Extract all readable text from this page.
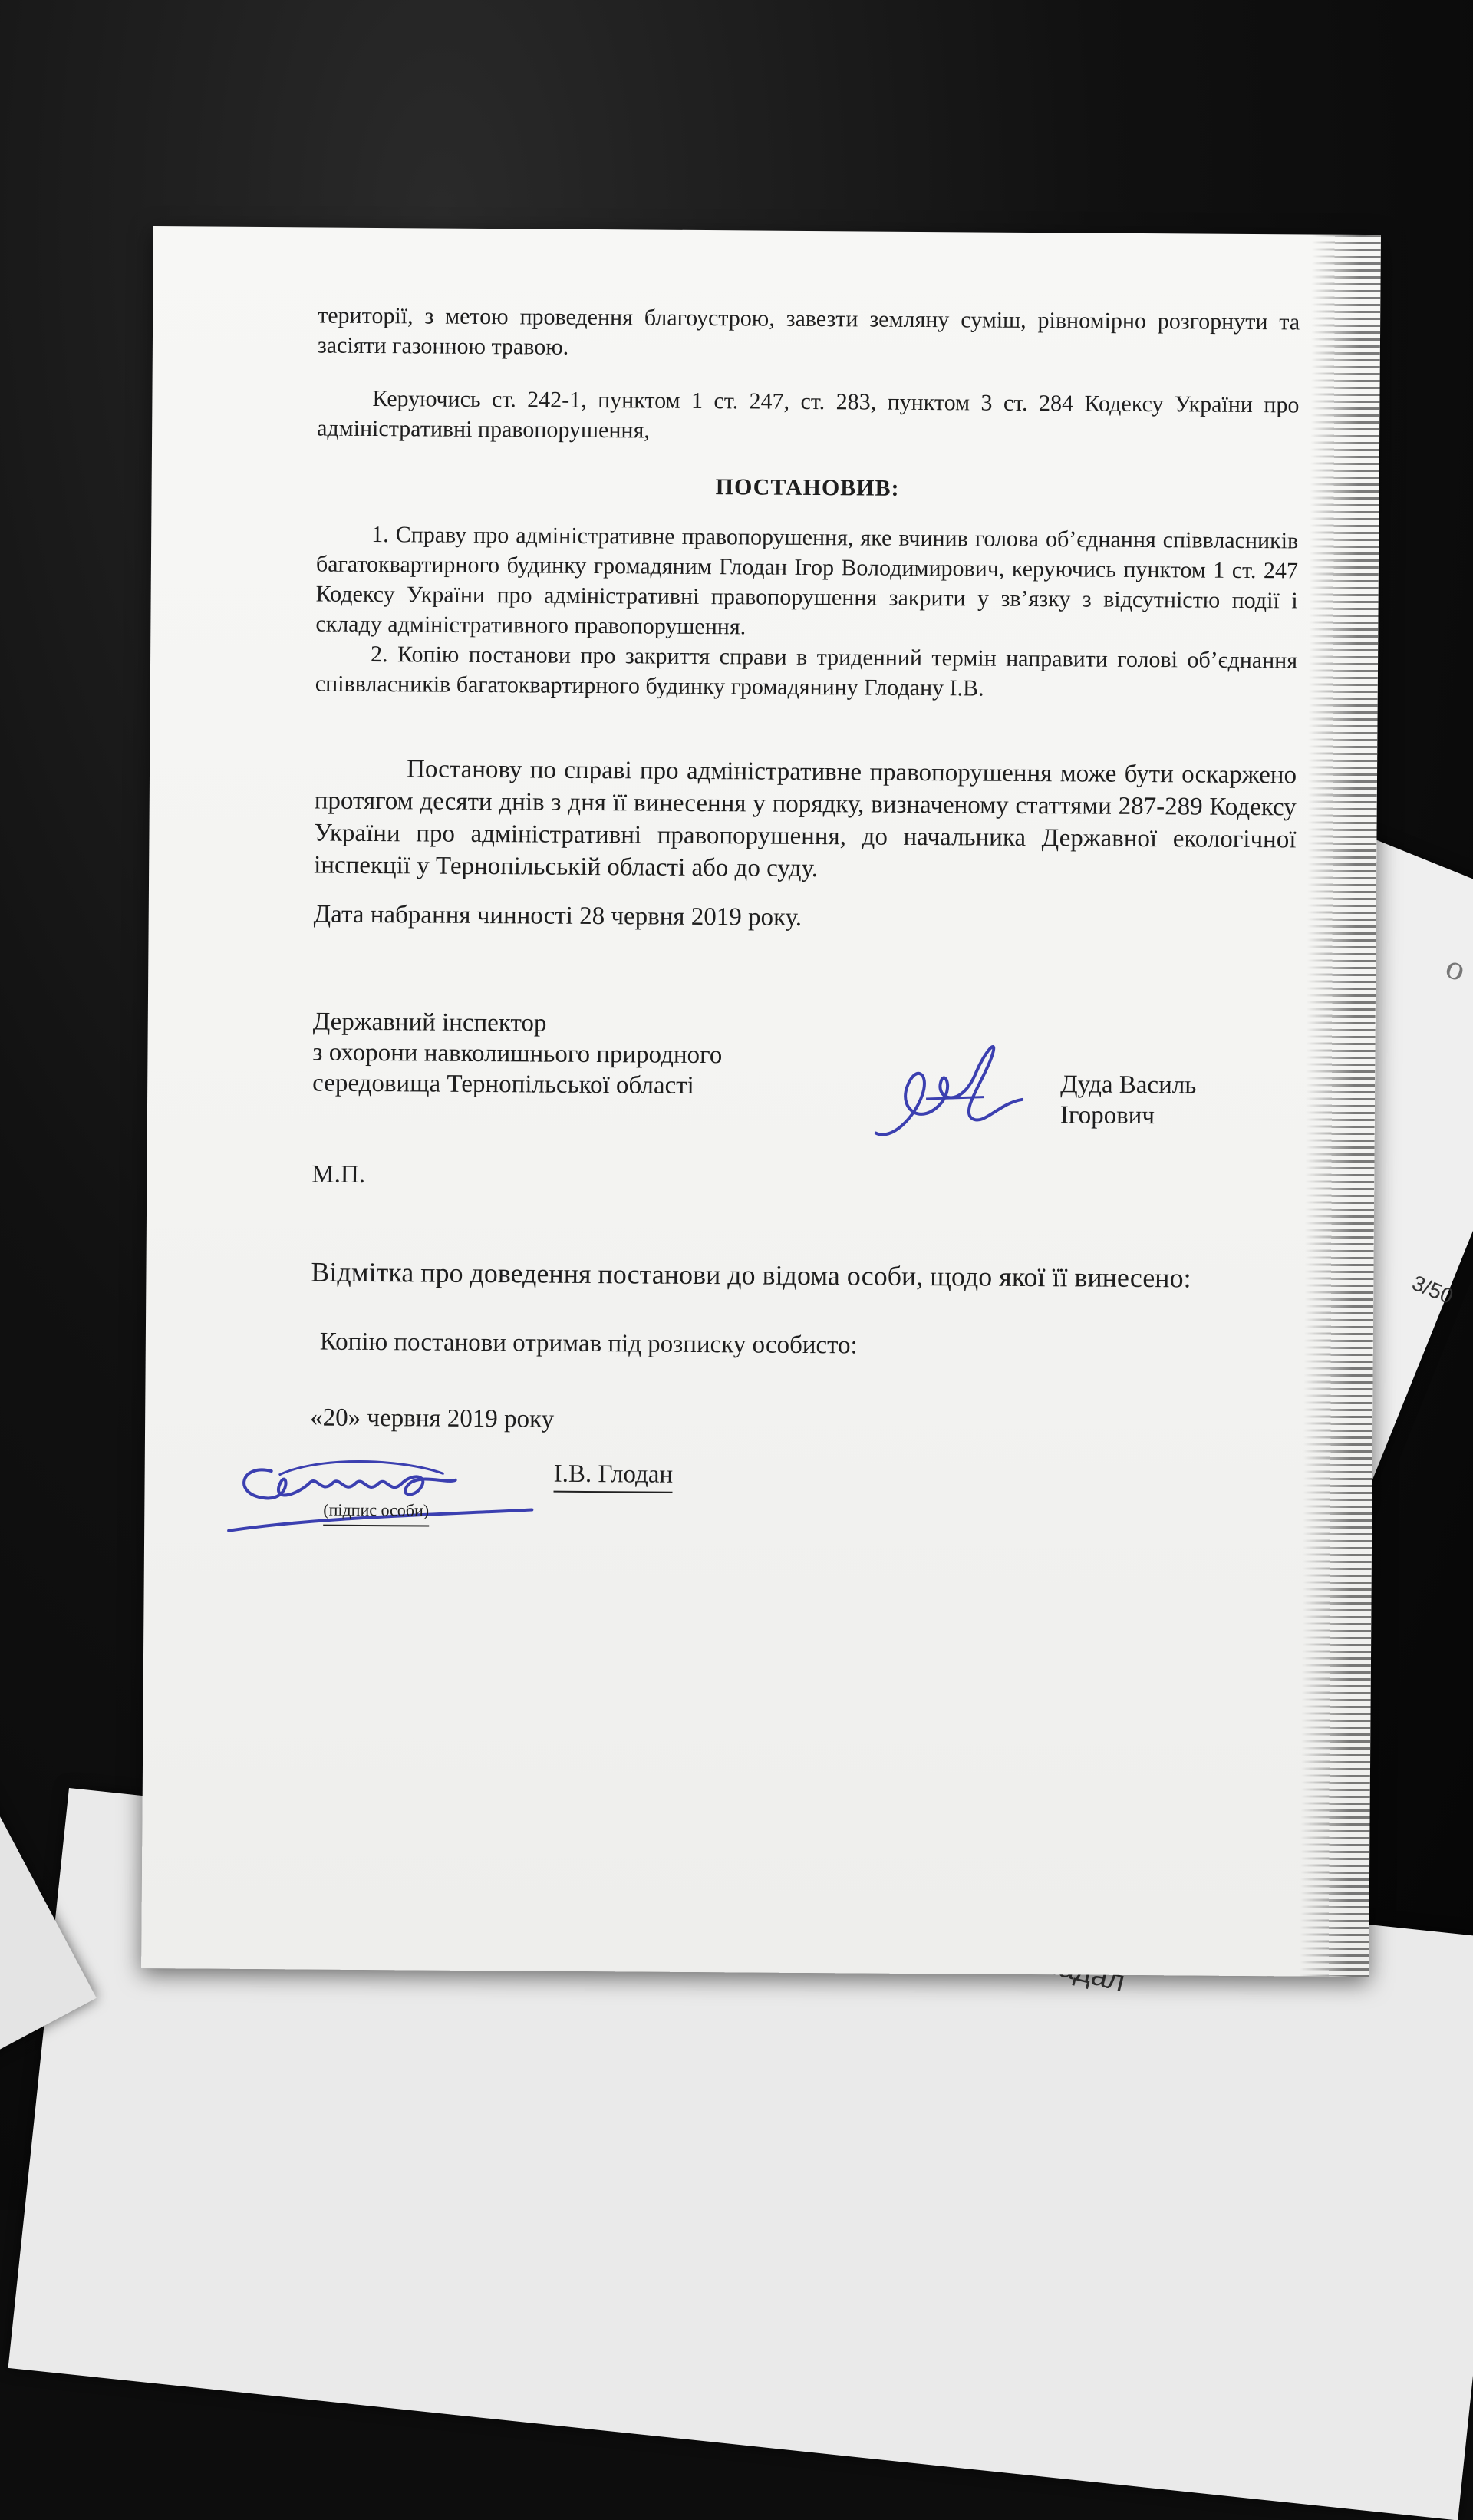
o
3/50

території, з метою проведення благоустрою, завезти земляну суміш, рівномірно розгорнути та засіяти газонною травою.

Керуючись ст. 242-1, пунктом 1 ст. 247, ст. 283, пунктом 3 ст. 284 Кодексу України про адміністративні правопорушення,

ПОСТАНОВИВ:

1. Справу про адміністративне правопорушення, яке вчинив голова об’єднання співвласників багатоквартирного будинку громадяним Глодан Ігор Володимирович, керуючись пунктом 1 ст. 247 Кодексу України про адміністративні правопорушення закрити у зв’язку з відсутністю події і складу адміністративного правопорушення.

2. Копію постанови про закриття справи в триденний термін направити голові об’єднання співвласників багатоквартирного будинку громадянину Глодану І.В.

Постанову по справі про адміністративне правопорушення може бути оскаржено протягом десяти днів з дня її винесення у порядку, визначеному статтями 287-289 Кодексу України про адміністративні правопорушення, до начальника Державної екологічної інспекції у Тернопільській області або до суду.

Дата набрання чинності 28 червня 2019 року.
Державний інспектор
з охорони навколишнього природного
середовища Тернопільської області	Дуда Василь Ігорович
М.П.
Відмітка про доведення постанови до відома особи, щодо якої її винесено:
Копію постанови отримав під розписку особисто:
«20» червня 2019 року
І.В. Глодан
(підпис особи)
